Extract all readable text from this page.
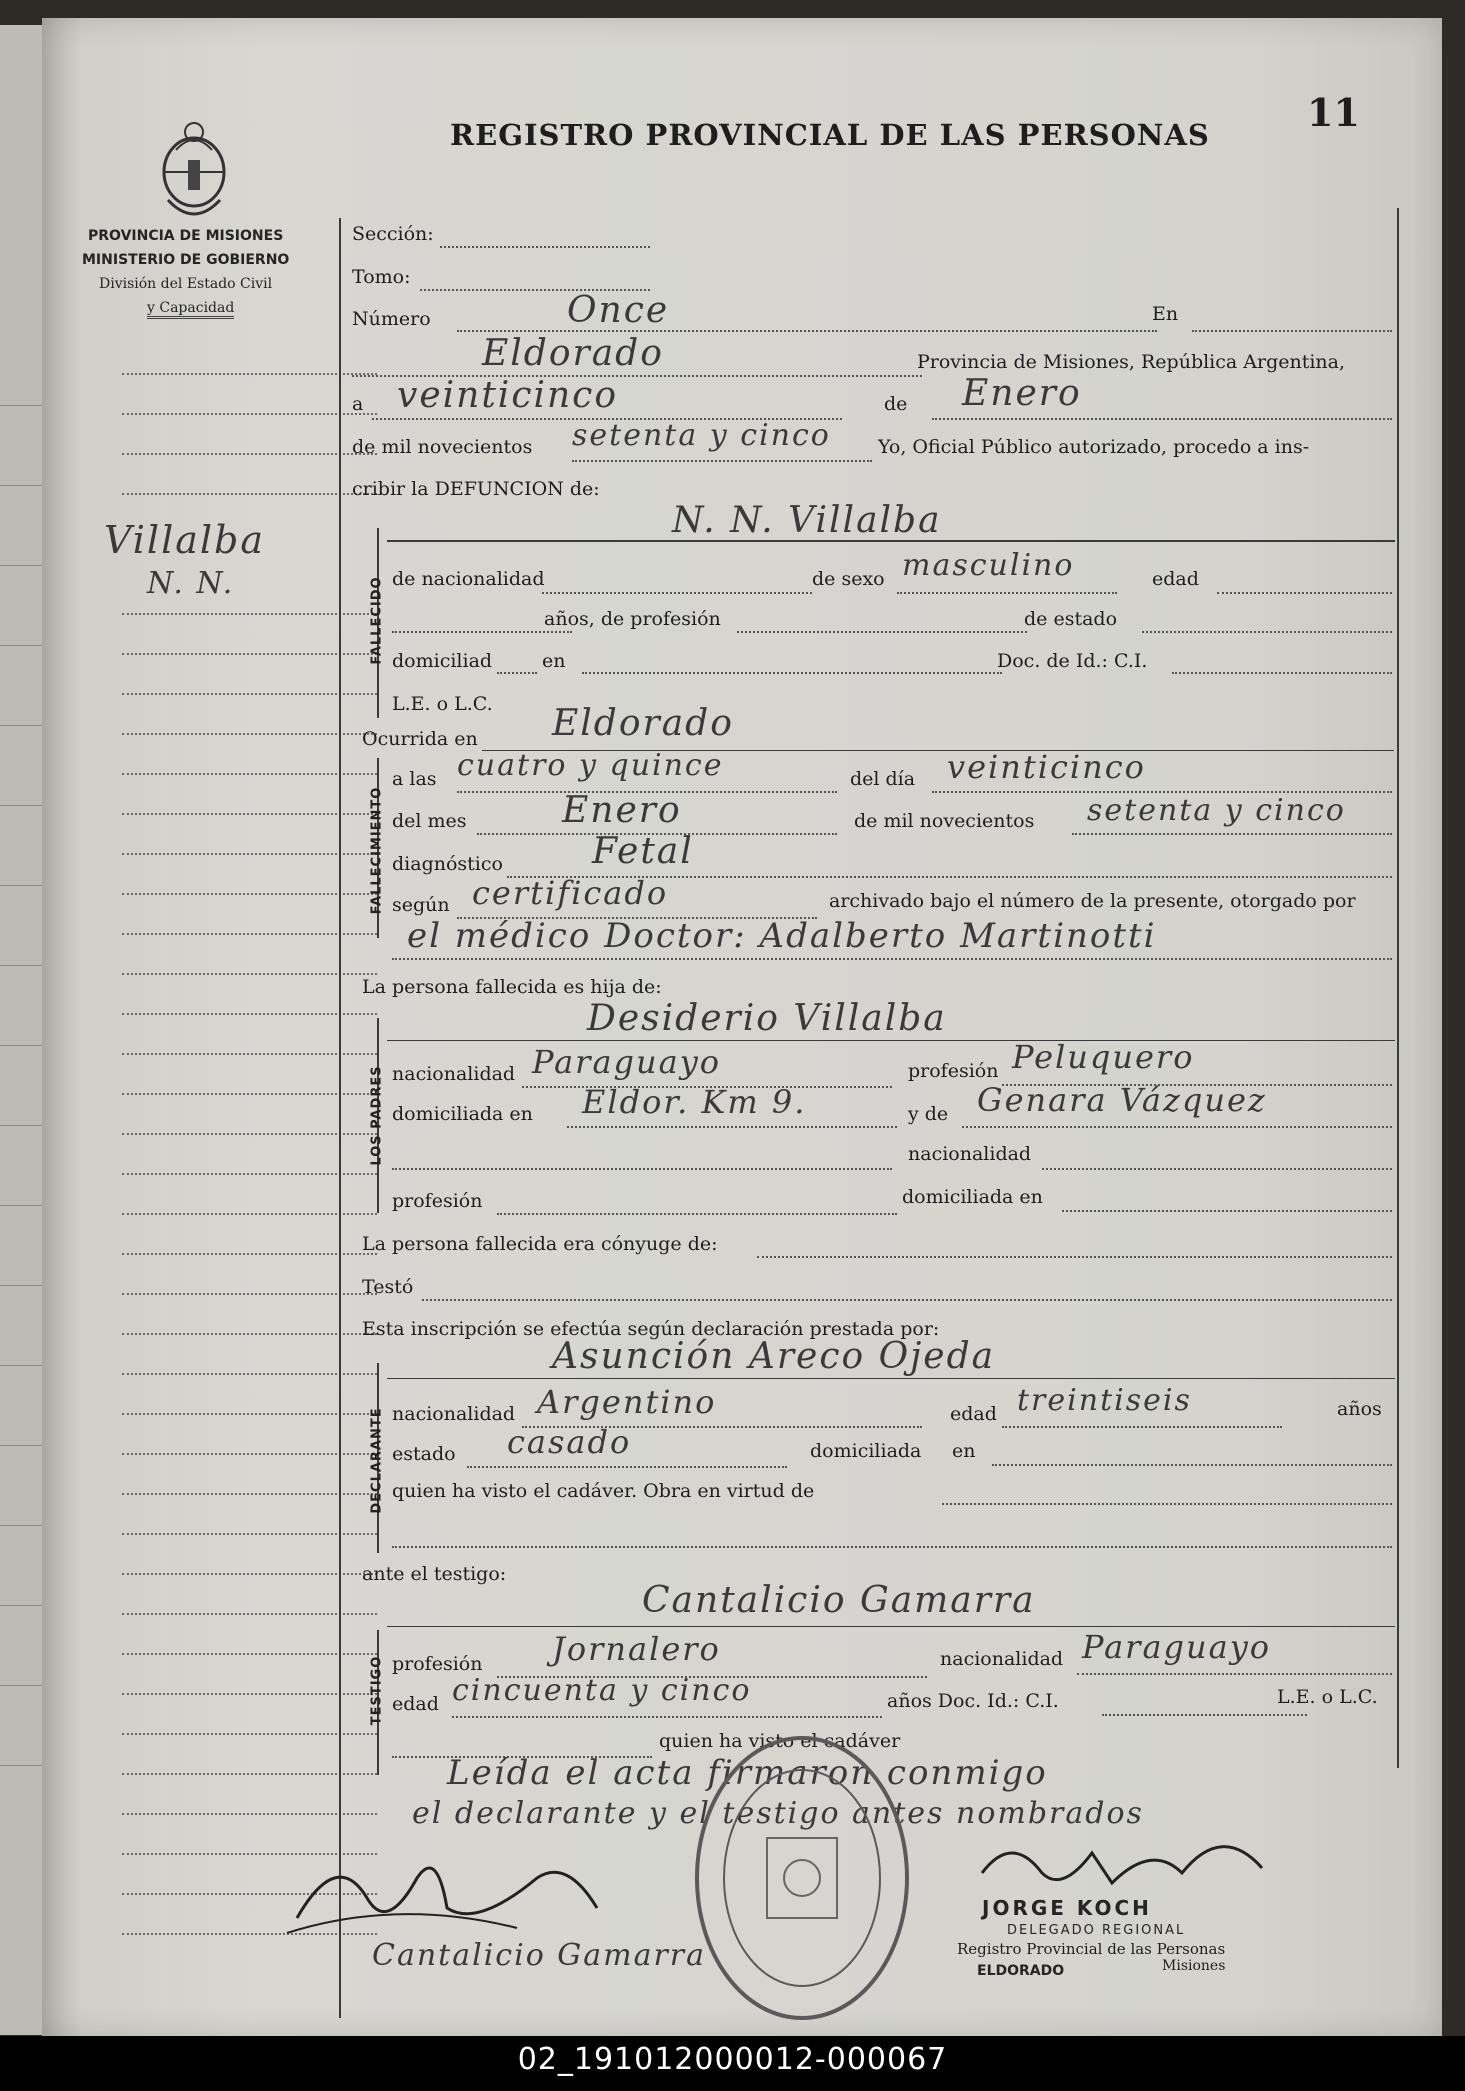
PROVINCIA DE MISIONES
MINISTERIO DE GOBIERNO
División del Estado Civil
y Capacidad
REGISTRO PROVINCIAL DE LAS PERSONAS	11
Villalba
N. N.
Sección:
Tomo:
Número	Once	En
Eldorado	Provincia de Misiones, República Argentina,
a veinticinco	de Enero
de mil novecientos setenta y cinco Yo, Oficial Público autorizado, procedo a ins-
cribir la DEFUNCION de:
FALLECIDO
N. N. Villalba
de nacionalidad	de sexo masculino	edad
años, de profesión	de estado
domiciliad	en	Doc. de Id.: C.I.
L.E. o L.C.
Ocurrida en Eldorado
FALLECIMIENTO
a las cuatro y quince	del día veinticinco
del mes	Enero	de mil novecientos setenta y cinco
diagnóstico Fetal
según certificado	archivado bajo el número de la presente, otorgado por
el médico Doctor: Adalberto Martinotti
La persona fallecida es hija de:
LOS PADRES
Desiderio Villalba
nacionalidad Paraguayo	profesión Peluquero
domiciliada en Eldor. Km 9.	y de Genara Vázquez
nacionalidad
profesión	domiciliada en
La persona fallecida era cónyuge de:
Testó
Esta inscripción se efectúa según declaración prestada por:
DECLARANTE
Asunción Areco Ojeda
nacionalidad Argentino	edad treintiseis	años
estado casado	domiciliada en
quien ha visto el cadáver. Obra en virtud de
ante el testigo:
Cantalicio Gamarra
TESTIGO profesión Jornalero	nacionalidad Paraguayo
edad cincuenta y cinco	años Doc. Id.: C.I.	L.E. o L.C.
quien ha visto el cadáver
Leída el acta firmaron conmigo
el declarante y el testigo antes nombrados
Cantalicio Gamarra
JORGE KOCH
DELEGADO REGIONAL
Registro Provincial de las Personas
ELDORADO	Misiones
02_191012000012-000067
